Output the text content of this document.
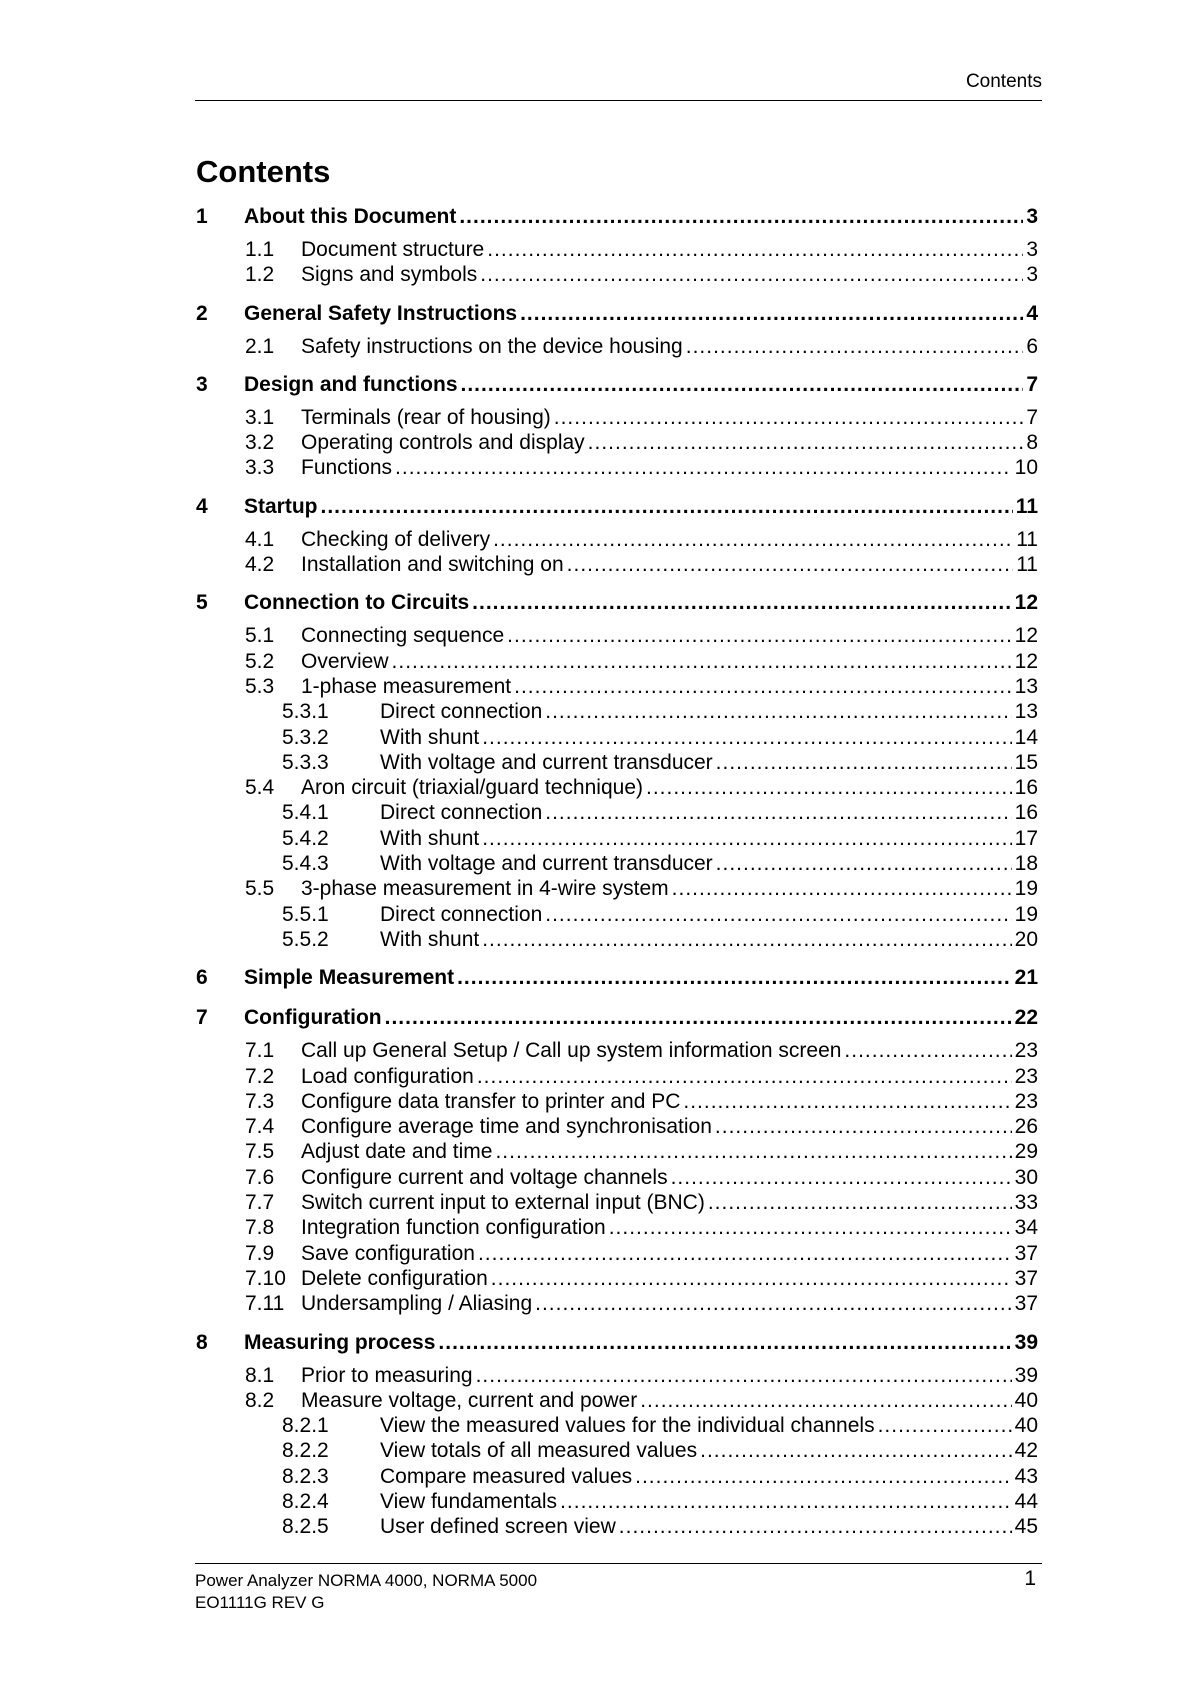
Contents
Contents
1	About this Document .....	3
1.1	Document structure .....	3
1.2	Signs and symbols .....	3
2	General Safety Instructions .....	4
2.1	Safety instructions on the device housing .....	6
3	Design and functions .....	7
3.1	Terminals (rear of housing) .....	7
3.2	Operating controls and display .....	8
3.3	Functions .....	10
4	Startup .....	11
4.1	Checking of delivery .....	11
4.2	Installation and switching on .....	11
5	Connection to Circuits .....	12
5.1	Connecting sequence .....	12
5.2	Overview .....	12
5.3	1-phase measurement .....	13
5.3.1	Direct connection .....	13
5.3.2	With shunt .....	14
5.3.3	With voltage and current transducer .....	15
5.4	Aron circuit (triaxial/guard technique) .....	16
5.4.1	Direct connection .....	16
5.4.2	With shunt .....	17
5.4.3	With voltage and current transducer .....	18
5.5	3-phase measurement in 4-wire system .....	19
5.5.1	Direct connection .....	19
5.5.2	With shunt .....	20
6	Simple Measurement .....	21
7	Configuration .....	22
7.1	Call up General Setup / Call up system information screen .....	23
7.2	Load configuration .....	23
7.3	Configure data transfer to printer and PC .....	23
7.4	Configure average time and synchronisation .....	26
7.5	Adjust date and time .....	29
7.6	Configure current and voltage channels .....	30
7.7	Switch current input to external input (BNC) .....	33
7.8	Integration function configuration .....	34
7.9	Save configuration .....	37
7.10 Delete configuration .....	37
7.11 Undersampling / Aliasing .....	37
8	Measuring process .....	39
8.1	Prior to measuring .....	39
8.2	Measure voltage, current and power .....	40
8.2.1	View the measured values for the individual channels .....	40
8.2.2	View totals of all measured values .....	42
8.2.3	Compare measured values .....	43
8.2.4	View fundamentals .....	44
8.2.5	User defined screen view .....	45
Power Analyzer NORMA 4000, NORMA 5000
EO1111G REV G
1
